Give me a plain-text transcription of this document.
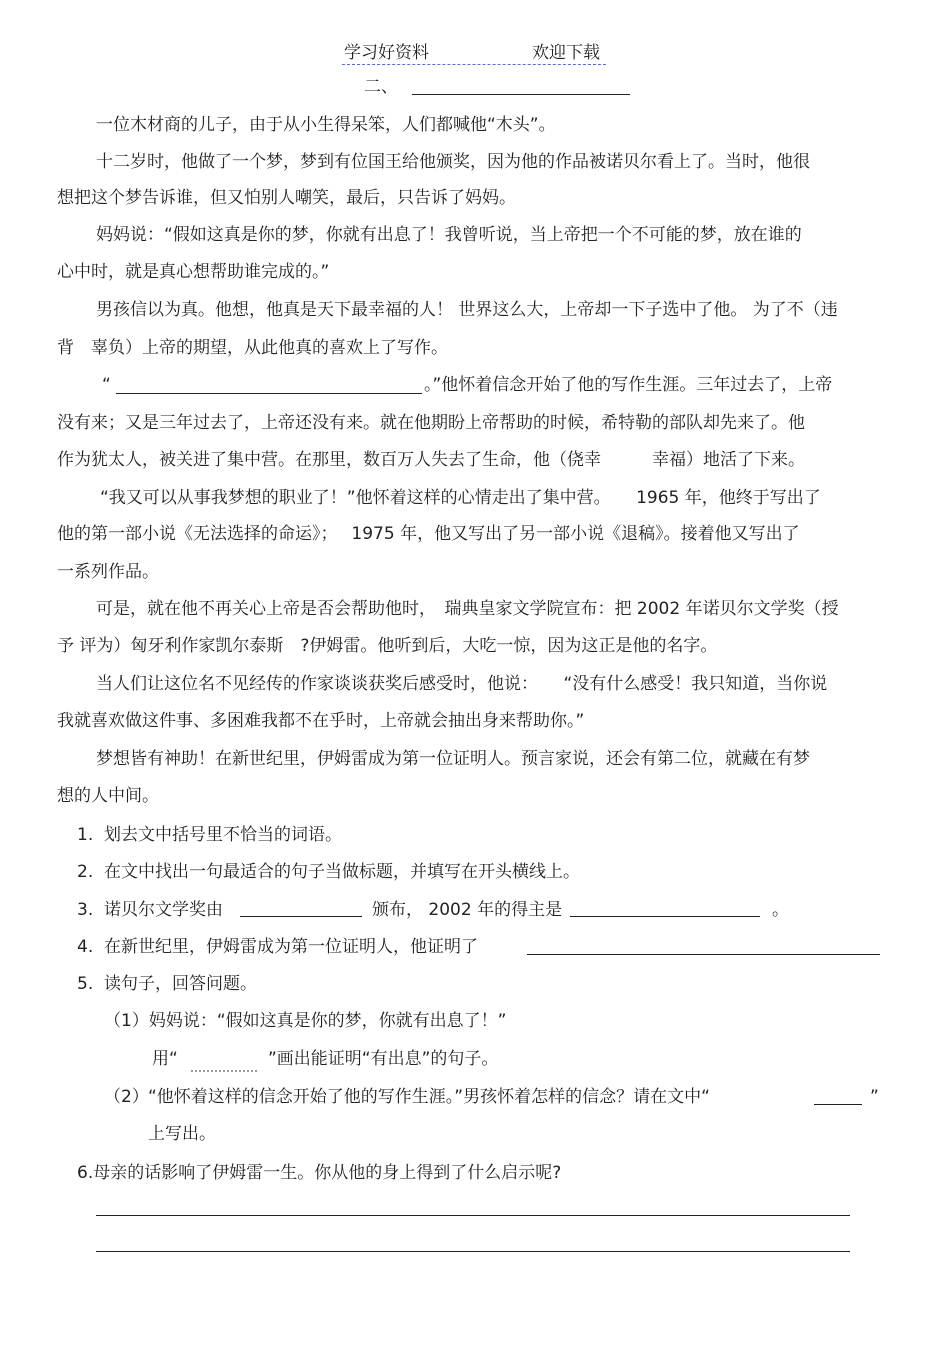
学习好资料	欢迎下载
二、
一位木材商的儿子，由于从小生得呆笨，人们都喊他“木头”。
十二岁时，他做了一个梦，梦到有位国王给他颁奖，因为他的作品被诺贝尔看上了。当时，他很
想把这个梦告诉谁，但又怕别人嘲笑，最后，只告诉了妈妈。
妈妈说：“假如这真是你的梦，你就有出息了！我曾听说，当上帝把一个不可能的梦，放在谁的
心中时，就是真心想帮助谁完成的。”
男孩信以为真。他想，他真是天下最幸福的人！ 世界这么大，上帝却一下子选中了他。 为了不（违
背　辜负）上帝的期望，从此他真的喜欢上了写作。
“	。”他怀着信念开始了他的写作生涯。三年过去了，上帝
没有来；又是三年过去了，上帝还没有来。就在他期盼上帝帮助的时候，希特勒的部队却先来了。他
作为犹太人，被关进了集中营。在那里，数百万人失去了生命，他（侥幸　　　幸福）地活了下来。
“我又可以从事我梦想的职业了！”他怀着这样的心情走出了集中营。　　1965 年，他终于写出了
他的第一部小说《无法选择的命运》；　 1975 年，他又写出了另一部小说《退稿》。接着他又写出了
一系列作品。
可是，就在他不再关心上帝是否会帮助他时，　瑞典皇家文学院宣布：把 2002 年诺贝尔文学奖（授
予 评为）匈牙利作家凯尔泰斯　?伊姆雷。他听到后，大吃一惊，因为这正是他的名字。
当人们让这位名不见经传的作家谈谈获奖后感受时，他说：　　“没有什么感受！我只知道，当你说
我就喜欢做这件事、多困难我都不在乎时，上帝就会抽出身来帮助你。”
梦想皆有神助！在新世纪里，伊姆雷成为第一位证明人。预言家说，还会有第二位，就藏在有梦
想的人中间。
1. 划去文中括号里不恰当的词语。
2. 在文中找出一句最适合的句子当做标题，并填写在开头横线上。
3. 诺贝尔文学奖由	颁布， 2002 年的得主是	。
4. 在新世纪里，伊姆雷成为第一位证明人，他证明了
5. 读句子，回答问题。
（1）妈妈说：“假如这真是你的梦，你就有出息了！”
用“	”画出能证明“有出息”的句子。
（2） “他怀着这样的信念开始了他的写作生涯。”男孩怀着怎样的信念？请在文中“	”
上写出。
6.母亲的话影响了伊姆雷一生。你从他的身上得到了什么启示呢?
